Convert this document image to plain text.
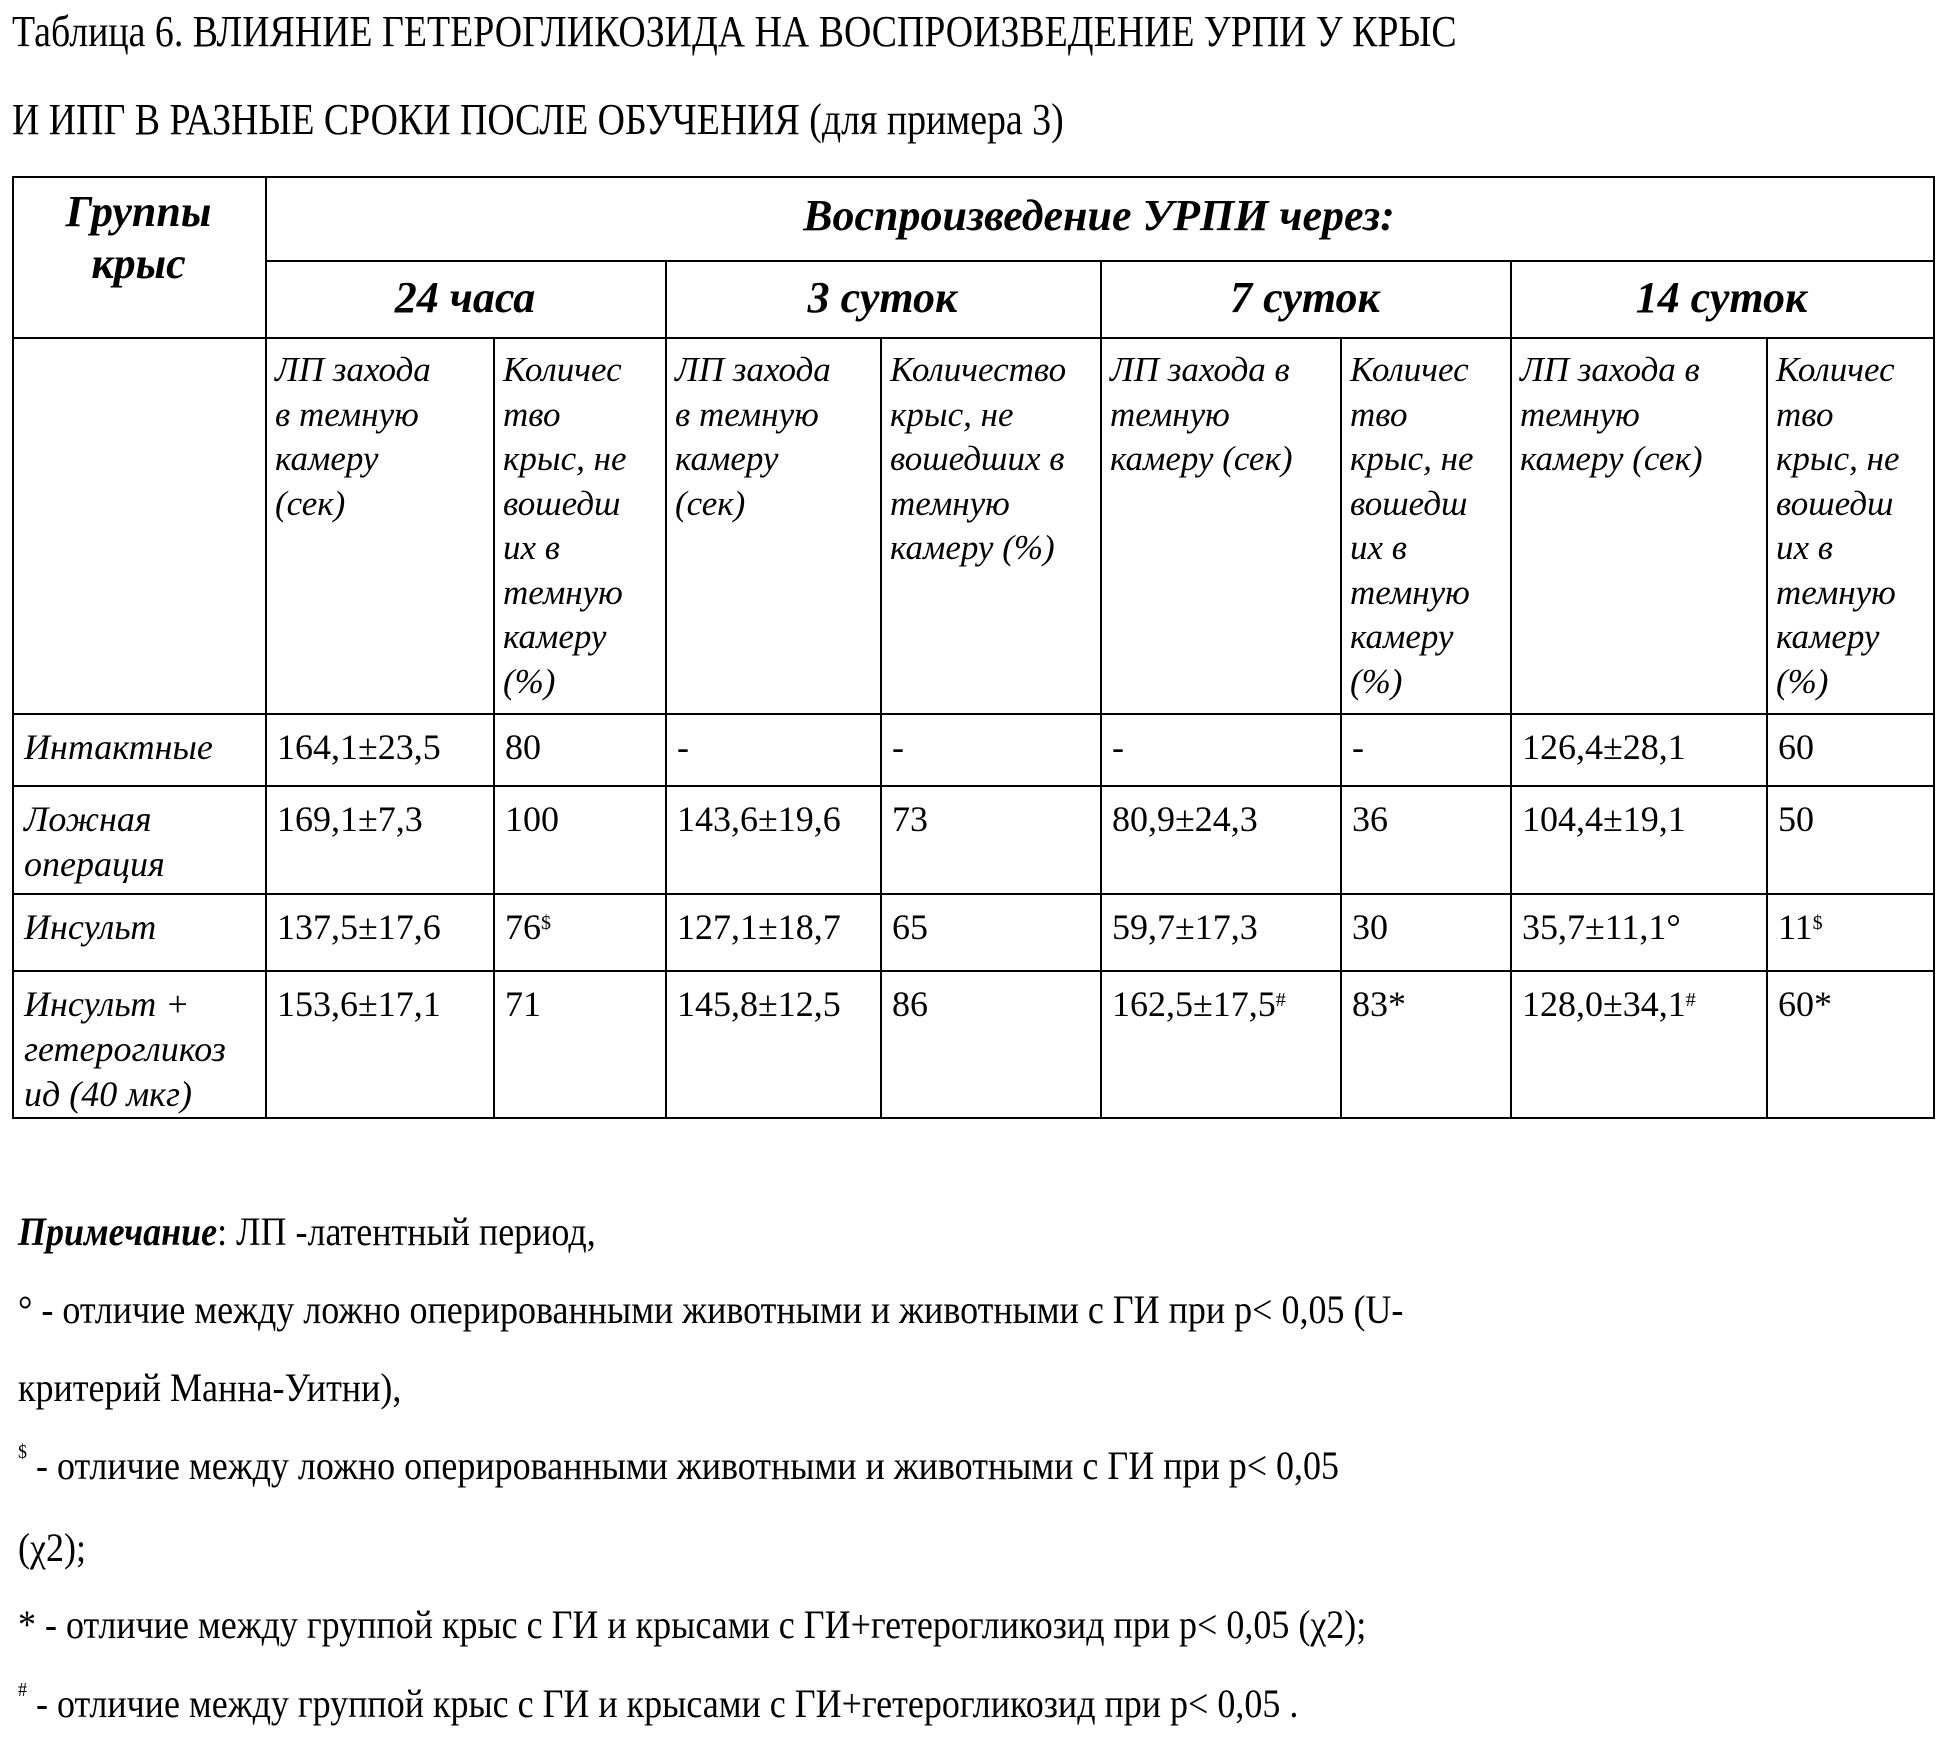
Таблица 6. ВЛИЯНИЕ ГЕТЕРОГЛИКОЗИДА НА ВОСПРОИЗВЕДЕНИЕ УРПИ У КРЫС
И ИПГ В РАЗНЫЕ СРОКИ ПОСЛЕ ОБУЧЕНИЯ (для примера 3)
Группы
крыс
Воспроизведение УРПИ через:
24 часа	3 суток	7 суток	14 суток
ЛП захода
в темную
камеру
(сек)
Количес
тво
крыс, не
вошедш
их в
темную
камеру
(%)
ЛП захода
в темную
камеру
(сек)
Количество
крыс, не
вошедших в
темную
камеру (%)
ЛП захода в
темную
камеру (сек)
Количес
тво
крыс, не
вошедш
их в
темную
камеру
(%)
ЛП захода в
темную
камеру (сек)
Количес
тво
крыс, не
вошедш
их в
темную
камеру
(%)
Интактные	164,1±23,5	80	-	-	-	-	126,4±28,1	60
Ложная
операция
169,1±7,3	100	143,6±19,6	73	80,9±24,3	36	104,4±19,1	50
Инсульт	137,5±17,6	76$	127,1±18,7	65	59,7±17,3	30	35,7±11,1°	11$
Инсульт +
гетерогликоз
ид (40 мкг)
153,6±17,1	71	145,8±12,5	86	162,5±17,5#	83*	128,0±34,1#	60*
Примечание: ЛП -латентный период,
° - отличие между ложно оперированными животными и животными с ГИ при р< 0,05 (U-
критерий Манна-Уитни),
$ - отличие между ложно оперированными животными и животными с ГИ при р< 0,05
(χ2);
* - отличие между группой крыс с ГИ и крысами с ГИ+гетерогликозид при р< 0,05 (χ2);
# - отличие между группой крыс с ГИ и крысами с ГИ+гетерогликозид при р< 0,05 .
